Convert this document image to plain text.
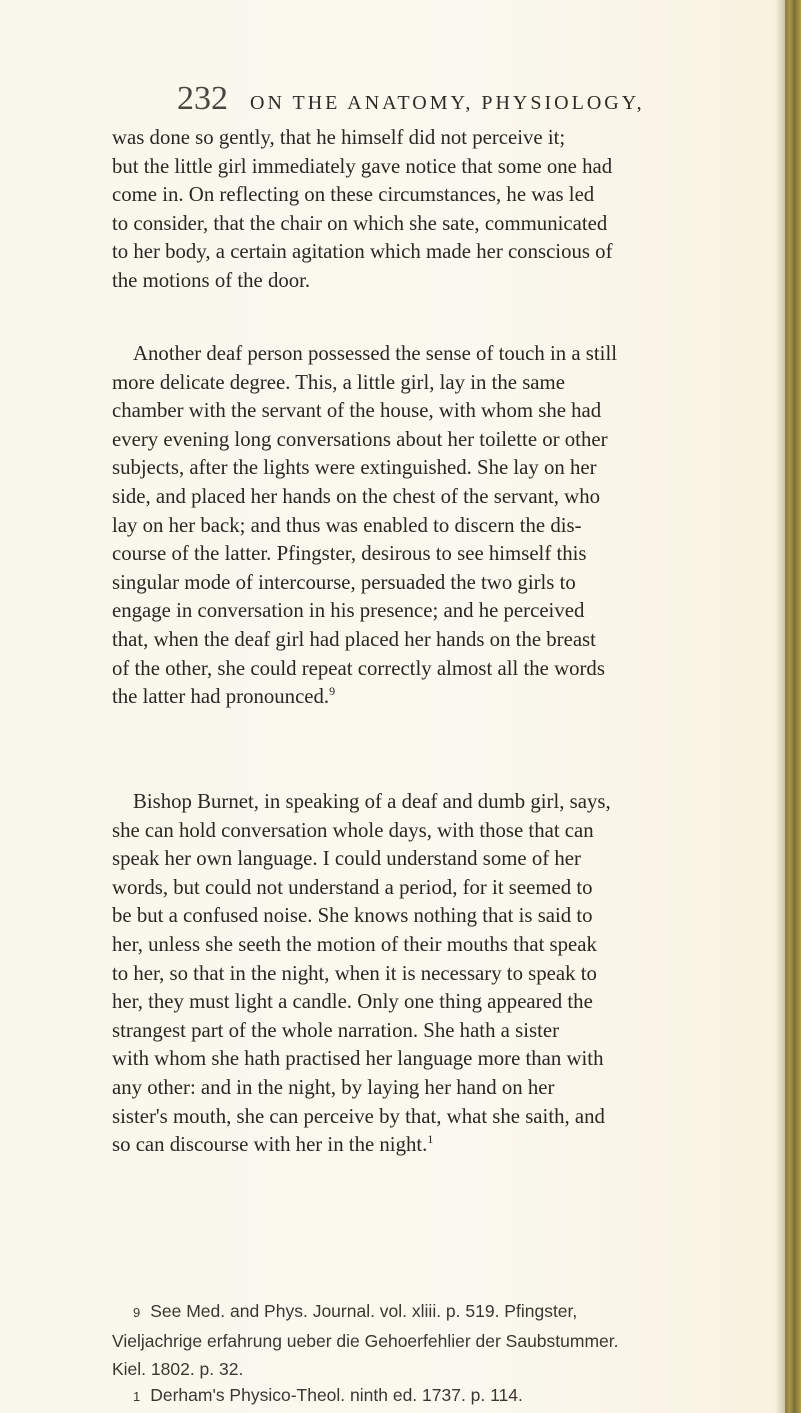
232 ON THE ANATOMY, PHYSIOLOGY,
was done so gently, that he himself did not perceive it;
but the little girl immediately gave notice that some one had
come in. On reflecting on these circumstances, he was led
to consider, that the chair on which she sate, communicated
to her body, a certain agitation which made her conscious of
the motions of the door.
Another deaf person possessed the sense of touch in a still
more delicate degree. This, a little girl, lay in the same
chamber with the servant of the house, with whom she had
every evening long conversations about her toilette or other
subjects, after the lights were extinguished. She lay on her
side, and placed her hands on the chest of the servant, who
lay on her back; and thus was enabled to discern the dis-
course of the latter. Pfingster, desirous to see himself this
singular mode of intercourse, persuaded the two girls to
engage in conversation in his presence; and he perceived
that, when the deaf girl had placed her hands on the breast
of the other, she could repeat correctly almost all the words
the latter had pronounced.$^9$
Bishop Burnet, in speaking of a deaf and dumb girl, says,
she can hold conversation whole days, with those that can
speak her own language. I could understand some of her
words, but could not understand a period, for it seemed to
be but a confused noise. She knows nothing that is said to
her, unless she seeth the motion of their mouths that speak
to her, so that in the night, when it is necessary to speak to
her, they must light a candle. Only one thing appeared the
strangest part of the whole narration. She hath a sister
with whom she hath practised her language more than with
any other: and in the night, by laying her hand on her
sister's mouth, she can perceive by that, what she saith, and
so can discourse with her in the night.$^1$
9 See Med. and Phys. Journal. vol. xliii. p. 519. Pfingster,
Vieljachrige erfahrung ueber die Gehoerfehlier der Saubstummer.
Kiel. 1802. p. 32.
1 Derham's Physico-Theol. ninth ed. 1737. p. 114.
